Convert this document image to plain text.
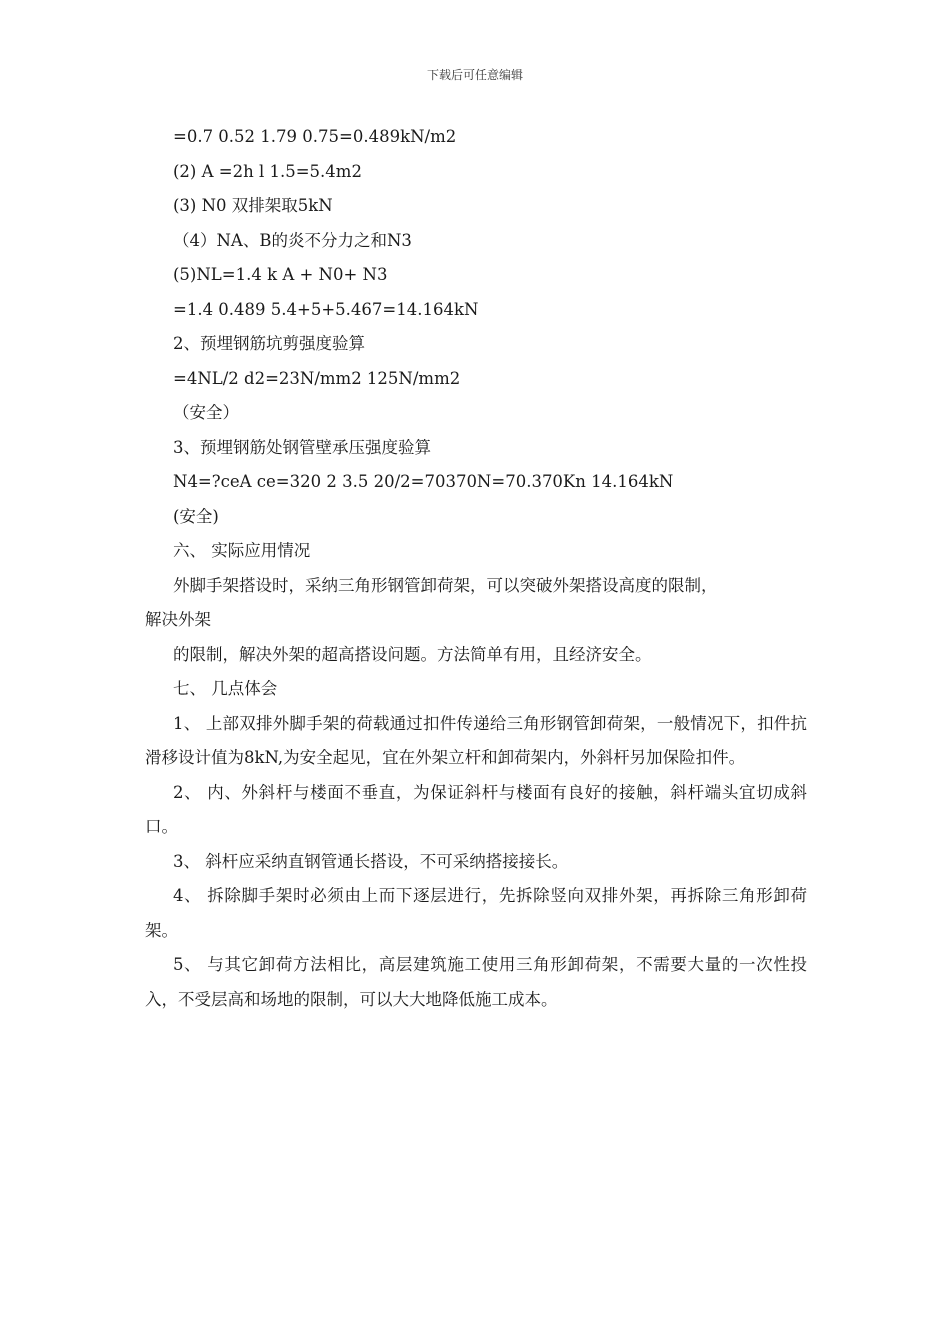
下载后可任意编辑
=0.7 0.52 1.79 0.75=0.489kN/m2
(2) A =2h l 1.5=5.4m2
(3) N0 双排架取5kN
（4）NA、B的炎不分力之和N3
(5)NL=1.4 k A + N0+ N3
=1.4 0.489 5.4+5+5.467=14.164kN
2、预埋钢筋坑剪强度验算
=4NL/2 d2=23N/mm2 125N/mm2
（安全）
3、预埋钢筋处钢管壁承压强度验算
N4=?ceA ce=320 2 3.5 20/2=70370N=70.370Kn 14.164kN
(安全)
六、 实际应用情况
外脚手架搭设时，采纳三角形钢管卸荷架，可以突破外架搭设高度的限制，
解决外架
的限制，解决外架的超高搭设问题。方法简单有用，且经济安全。
七、 几点体会
1、 上部双排外脚手架的荷载通过扣件传递给三角形钢管卸荷架，一般情况下，扣件抗滑移设计值为8kN,为安全起见，宜在外架立杆和卸荷架内，外斜杆另加保险扣件。
2、 内、外斜杆与楼面不垂直，为保证斜杆与楼面有良好的接触，斜杆端头宜切成斜口。
3、 斜杆应采纳直钢管通长搭设，不可采纳搭接接长。
4、 拆除脚手架时必须由上而下逐层进行，先拆除竖向双排外架，再拆除三角形卸荷架。
5、 与其它卸荷方法相比，高层建筑施工使用三角形卸荷架，不需要大量的一次性投入，不受层高和场地的限制，可以大大地降低施工成本。
